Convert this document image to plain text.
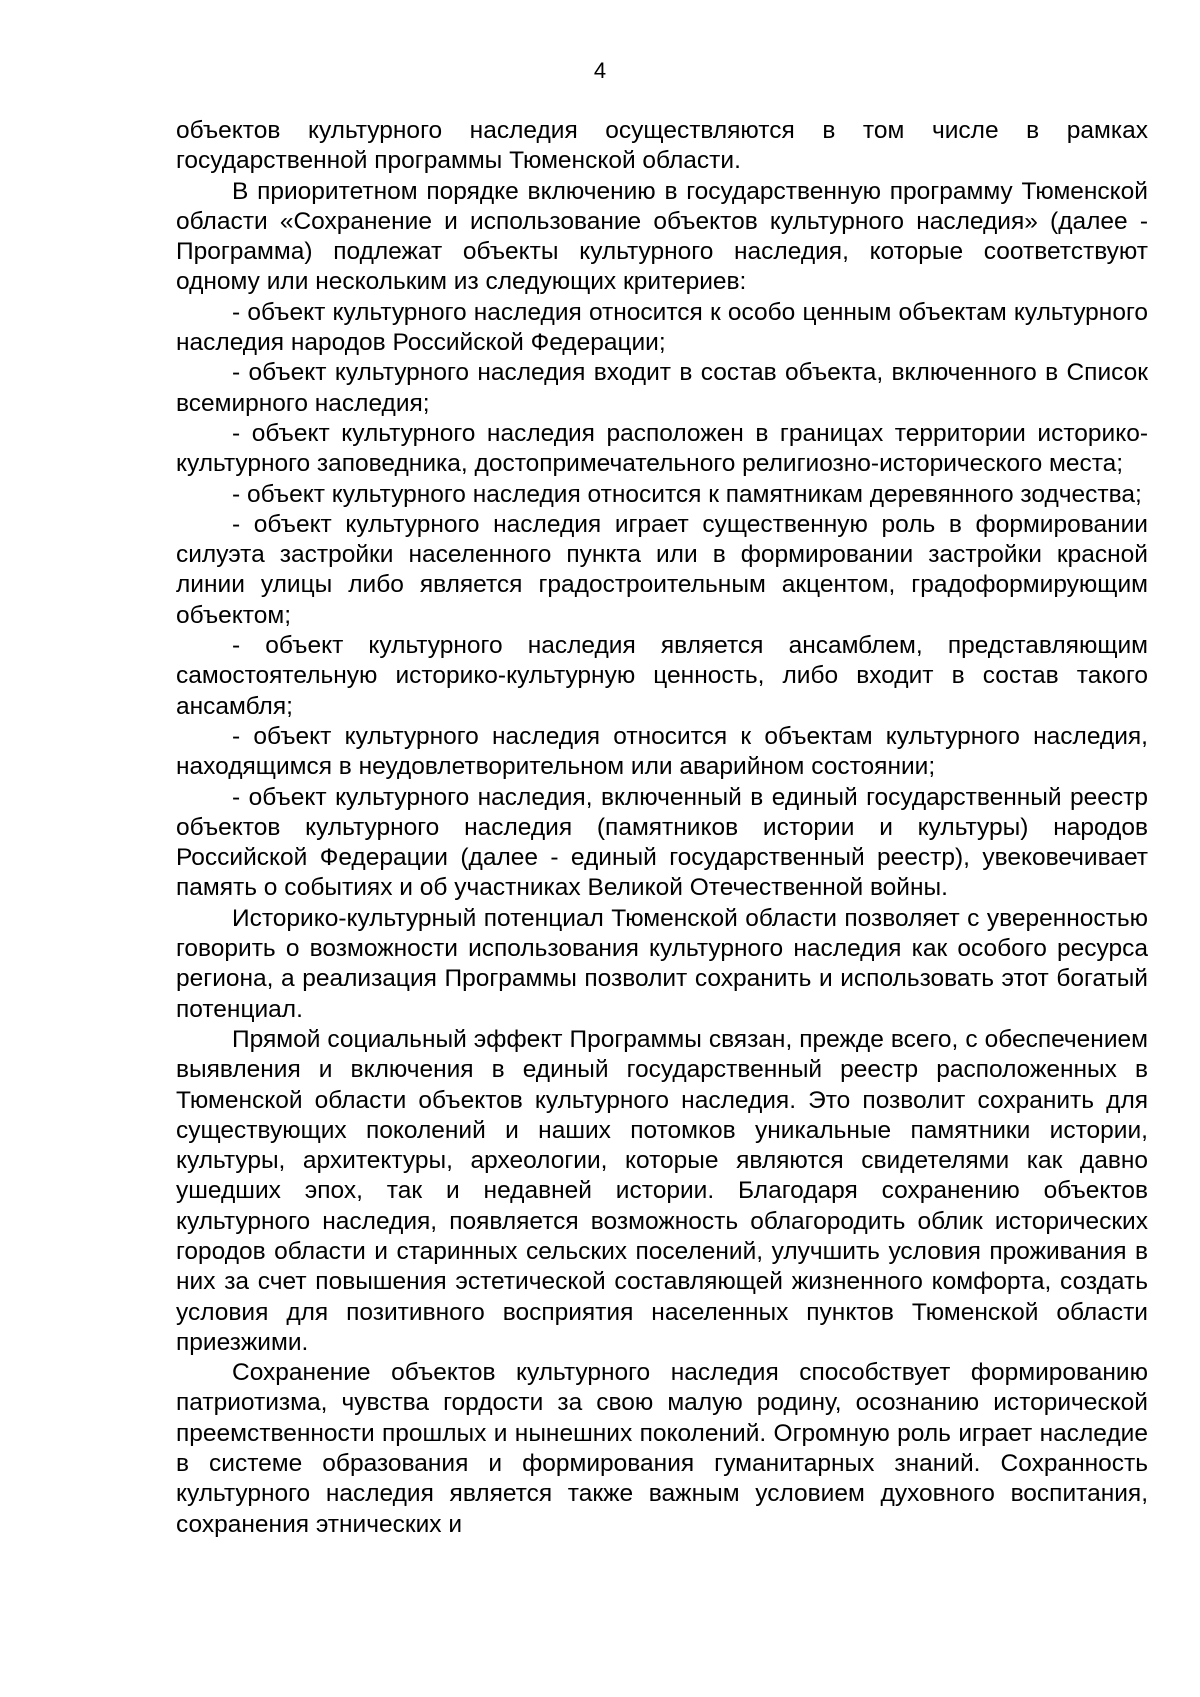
4

объектов культурного наследия осуществляются в том числе в рамках государственной программы Тюменской области.

В приоритетном порядке включению в государственную программу Тюменской области «Сохранение и использование объектов культурного наследия» (далее - Программа) подлежат объекты культурного наследия, которые соответствуют одному или нескольким из следующих критериев:

- объект культурного наследия относится к особо ценным объектам культурного наследия народов Российской Федерации;

- объект культурного наследия входит в состав объекта, включенного в Список всемирного наследия;

- объект культурного наследия расположен в границах территории историко-культурного заповедника, достопримечательного религиозно-исторического места;

- объект культурного наследия относится к памятникам деревянного зодчества;

- объект культурного наследия играет существенную роль в формировании силуэта застройки населенного пункта или в формировании застройки красной линии улицы либо является градостроительным акцентом, градоформирующим объектом;

- объект культурного наследия является ансамблем, представляющим самостоятельную историко-культурную ценность, либо входит в состав такого ансамбля;

- объект культурного наследия относится к объектам культурного наследия, находящимся в неудовлетворительном или аварийном состоянии;

- объект культурного наследия, включенный в единый государственный реестр объектов культурного наследия (памятников истории и культуры) народов Российской Федерации (далее - единый государственный реестр), увековечивает память о событиях и об участниках Великой Отечественной войны.

Историко-культурный потенциал Тюменской области позволяет с уверенностью говорить о возможности использования культурного наследия как особого ресурса региона, а реализация Программы позволит сохранить и использовать этот богатый потенциал.

Прямой социальный эффект Программы связан, прежде всего, с обеспечением выявления и включения в единый государственный реестр расположенных в Тюменской области объектов культурного наследия. Это позволит сохранить для существующих поколений и наших потомков уникальные памятники истории, культуры, архитектуры, археологии, которые являются свидетелями как давно ушедших эпох, так и недавней истории. Благодаря сохранению объектов культурного наследия, появляется возможность облагородить облик исторических городов области и старинных сельских поселений, улучшить условия проживания в них за счет повышения эстетической составляющей жизненного комфорта, создать условия для позитивного восприятия населенных пунктов Тюменской области приезжими.

Сохранение объектов культурного наследия способствует формированию патриотизма, чувства гордости за свою малую родину, осознанию исторической преемственности прошлых и нынешних поколений. Огромную роль играет наследие в системе образования и формирования гуманитарных знаний. Сохранность культурного наследия является также важным условием духовного воспитания, сохранения этнических и
